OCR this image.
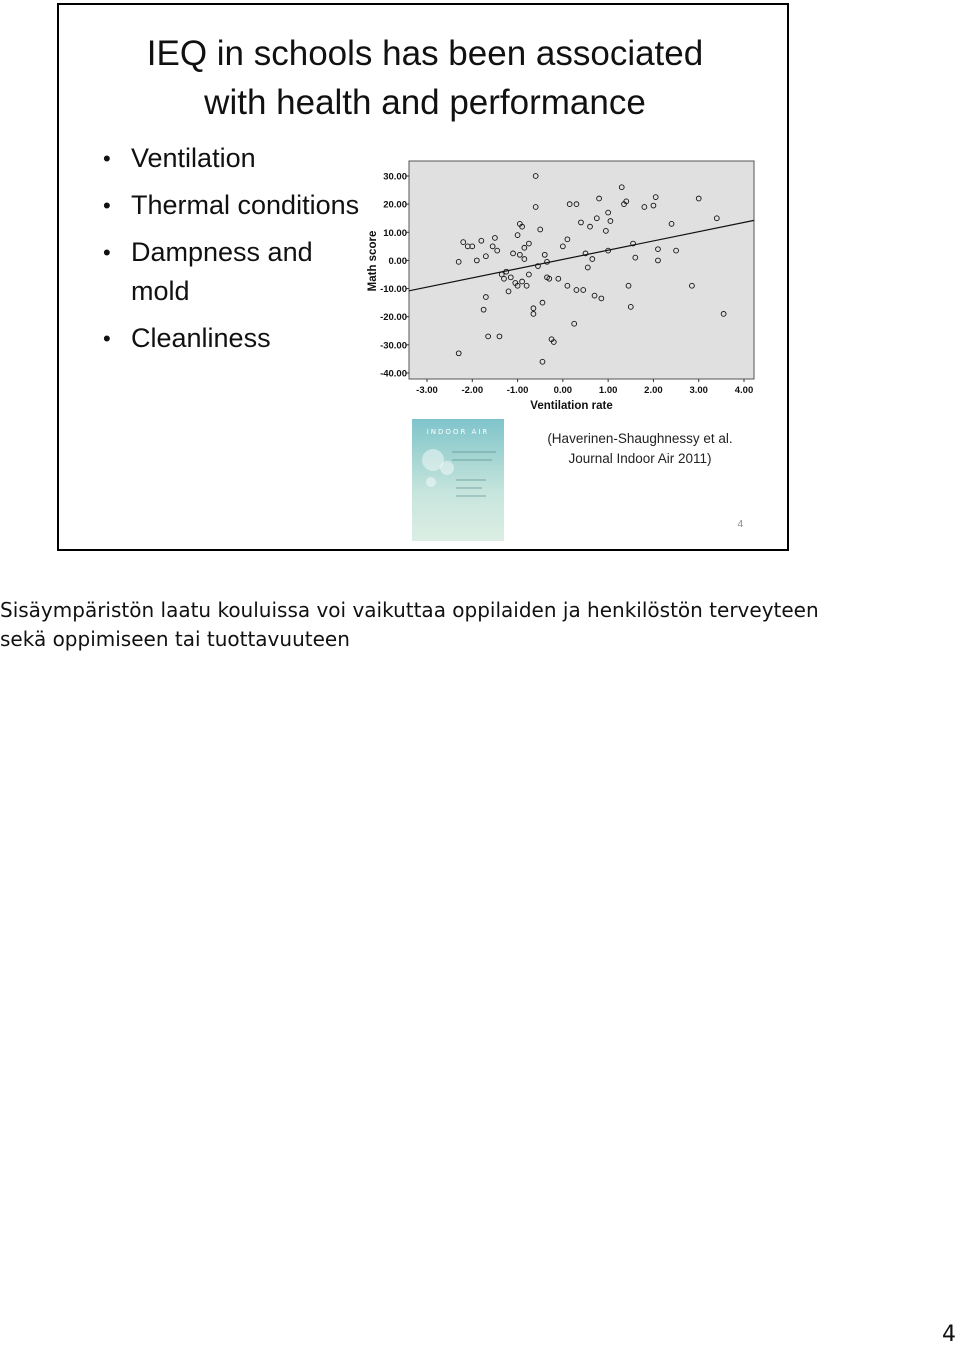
IEQ in schools has been associated
with health and performance
• Ventilation
• Thermal conditions
• Dampness and mold
• Cleanliness
30.00
20.00
10.00
0.00
-10.00
-20.00
-30.00
-40.00
-3.00 -2.00 -1.00	0.00	1.00	2.00	3.00	4.00
Math score
Ventilation rate
INDOOR AIR	(Haverinen-Shaughnessy et al.
Journal Indoor Air 2011)
4

Sisäympäristön laatu kouluissa voi vaikuttaa oppilaiden ja henkilöstön terveyteen
sekä oppimiseen tai tuottavuuteen

4
